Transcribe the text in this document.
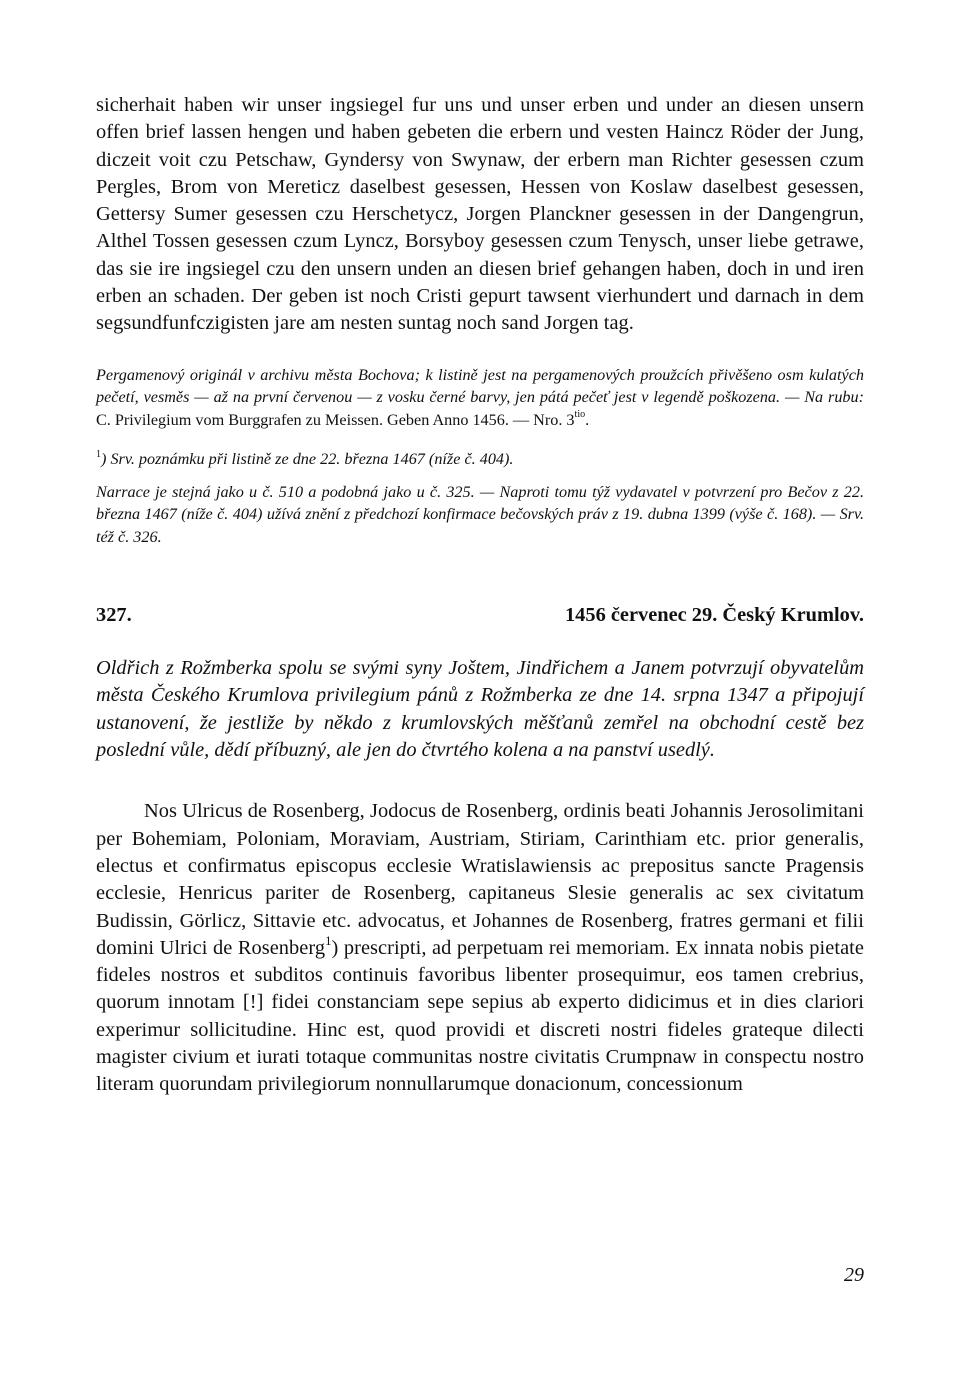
sicherhait haben wir unser ingsiegel fur uns und unser erben und under an diesen unsern offen brief lassen hengen und haben gebeten die erbern und vesten Haincz Röder der Jung, diczeit voit czu Petschaw, Gyndersy von Swynaw, der erbern man Richter gesessen czum Pergles, Brom von Mereticz daselbest gesessen, Hessen von Koslaw daselbest gesessen, Gettersy Sumer gesessen czu Herschetycz, Jorgen Planckner gesessen in der Dangengrun, Althel Tossen gesessen czum Lyncz, Borsyboy gesessen czum Tenysch, unser liebe getrawe, das sie ire ingsiegel czu den unsern unden an diesen brief gehangen haben, doch in und iren erben an schaden. Der geben ist noch Cristi gepurt tawsent vierhundert und darnach in dem segsundfunfczigisten jare am nesten suntag noch sand Jorgen tag.

Pergamenový originál v archivu města Bochova; k listině jest na pergamenových proužcích přivěšeno osm kulatých pečetí, vesměs — až na první červenou — z vosku černé barvy, jen pátá pečeť jest v legendě poškozena. — Na rubu: C. Privilegium vom Burggrafen zu Meissen. Geben Anno 1456. — Nro. $3^{tio}$.

$^1$) Srv. poznámku při listině ze dne 22. března 1467 (níže č. 404).

Narrace je stejná jako u č. 510 a podobná jako u č. 325. — Naproti tomu týž vydavatel v potvrzení pro Bečov z 22. března 1467 (níže č. 404) užívá znění z předchozí konfirmace bečovských práv z 19. dubna 1399 (výše č. 168). — Srv. též č. 326.

327.	1456 červenec 29. Český Krumlov.

Oldřich z Rožmberka spolu se svými syny Joštem, Jindřichem a Janem potvrzují obyvatelům města Českého Krumlova privilegium pánů z Rožmberka ze dne 14. srpna 1347 a připojují ustanovení, že jestliže by někdo z krumlovských měšťanů zemřel na obchodní cestě bez poslední vůle, dědí příbuzný, ale jen do čtvrtého kolena a na panství usedlý.

Nos Ulricus de Rosenberg, Jodocus de Rosenberg, ordinis beati Johannis Jerosolimitani per Bohemiam, Poloniam, Moraviam, Austriam, Stiriam, Carinthiam etc. prior generalis, electus et confirmatus episcopus ecclesie Wratislawiensis ac prepositus sancte Pragensis ecclesie, Henricus pariter de Rosenberg, capitaneus Slesie generalis ac sex civitatum Budissin, Görlicz, Sittavie etc. advocatus, et Johannes de Rosenberg, fratres germani et filii domini Ulrici de Rosenberg$^1$) prescripti, ad perpetuam rei memoriam. Ex innata nobis pietate fideles nostros et subditos continuis favoribus libenter prosequimur, eos tamen crebrius, quorum innotam [!] fidei constanciam sepe sepius ab experto didicimus et in dies clariori experimur sollicitudine. Hinc est, quod providi et discreti nostri fideles grateque dilecti magister civium et iurati totaque communitas nostre civitatis Crumpnaw in conspectu nostro literam quorundam privilegiorum nonnullarumque donacionum, concessionum

29
